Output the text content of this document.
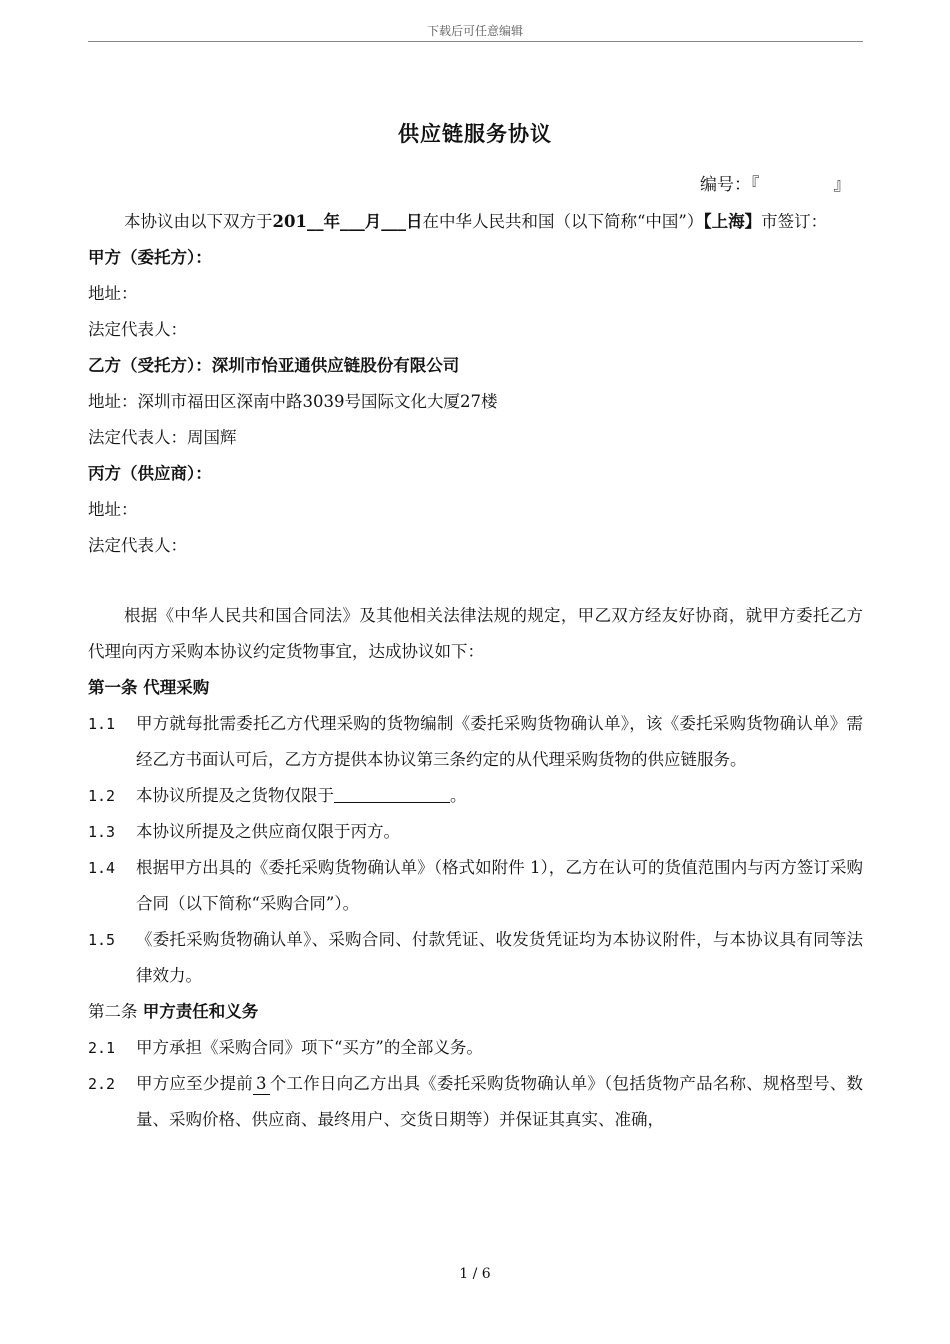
下载后可任意编辑
供应链服务协议
编号：『	』

本协议由以下双方于201__年___月___日在中华人民共和国（以下简称“中国”）【上海】市签订：

甲方（委托方）：

地址：

法定代表人：

乙方（受托方）：深圳市怡亚通供应链股份有限公司

地址：深圳市福田区深南中路3039号国际文化大厦27楼

法定代表人：周国辉

丙方（供应商）：

地址：

法定代表人：

根据《中华人民共和国合同法》及其他相关法律法规的规定，甲乙双方经友好协商，就甲方委托乙方代理向丙方采购本协议约定货物事宜，达成协议如下：

第一条 代理采购

1.1	甲方就每批需委托乙方代理采购的货物编制《委托采购货物确认单》，该《委托采购货物确认单》需经乙方书面认可后，乙方方提供本协议第三条约定的从代理采购货物的供应链服务。
1.2	本协议所提及之货物仅限于	。
1.3	本协议所提及之供应商仅限于丙方。
1.4	根据甲方出具的《委托采购货物确认单》（格式如附件 1），乙方在认可的货值范围内与丙方签订采购合同（以下简称“采购合同”）。
1.5	《委托采购货物确认单》、采购合同、付款凭证、收发货凭证均为本协议附件，与本协议具有同等法律效力。

第二条 甲方责任和义务

2.1	甲方承担《采购合同》项下“买方”的全部义务。
2.2	甲方应至少提前 3 个工作日向乙方出具《委托采购货物确认单》（包括货物产品名称、规格型号、数量、采购价格、供应商、最终用户、交货日期等）并保证其真实、准确，
1 / 6
